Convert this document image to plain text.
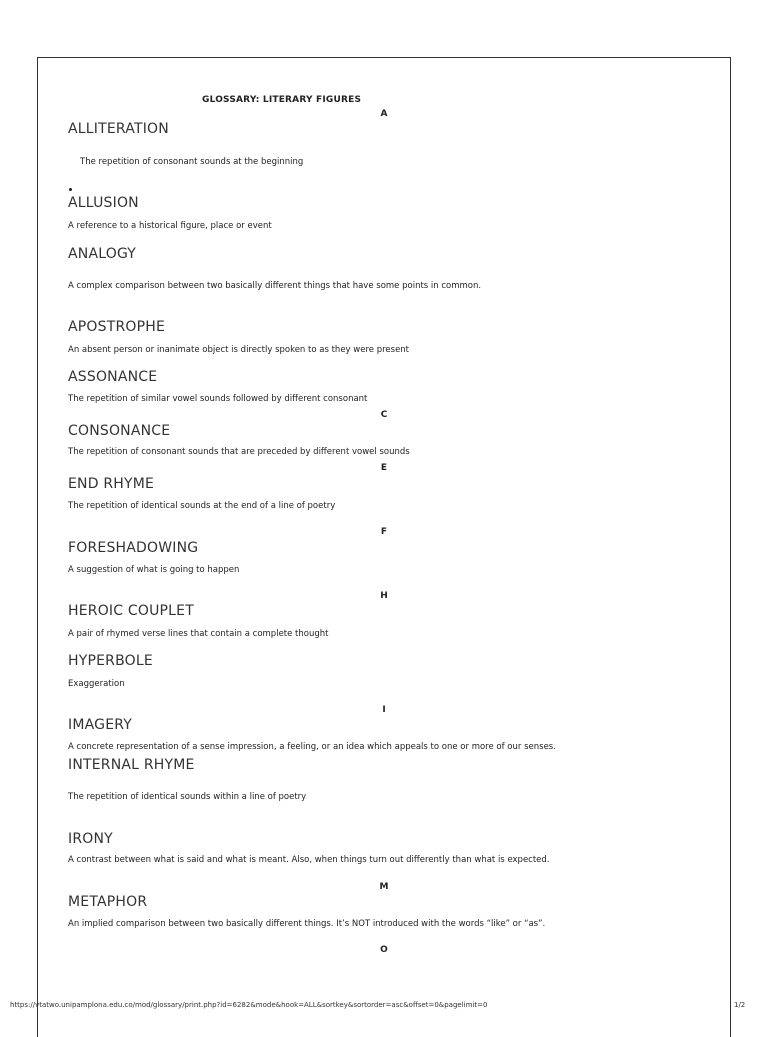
GLOSSARY: LITERARY FIGURES
A
C
E
F
H
I
M
O
ALLITERATION
The repetition of consonant sounds at the beginning
ALLUSION
A reference to a historical figure, place or event
ANALOGY
A complex comparison between two basically different things that have some points in common.
APOSTROPHE
An absent person or inanimate object is directly spoken to as they were present
ASSONANCE
The repetition of similar vowel sounds followed by different consonant
CONSONANCE
The repetition of consonant sounds that are preceded by different vowel sounds
END RHYME
The repetition of identical sounds at the end of a line of poetry
FORESHADOWING
A suggestion of what is going to happen
HEROIC COUPLET
A pair of rhymed verse lines that contain a complete thought
HYPERBOLE
Exaggeration
IMAGERY
A concrete representation of a sense impression, a feeling, or an idea which appeals to one or more of our senses.
INTERNAL RHYME
The repetition of identical sounds within a line of poetry
IRONY
A contrast between what is said and what is meant. Also, when things turn out differently than what is expected.
METAPHOR
An implied comparison between two basically different things. It’s NOT introduced with the words “like” or “as”.
https://vtatwo.unipamplona.edu.co/mod/glossary/print.php?id=6282&mode&hook=ALL&sortkey&sortorder=asc&offset=0&pagelimit=0	1/2
